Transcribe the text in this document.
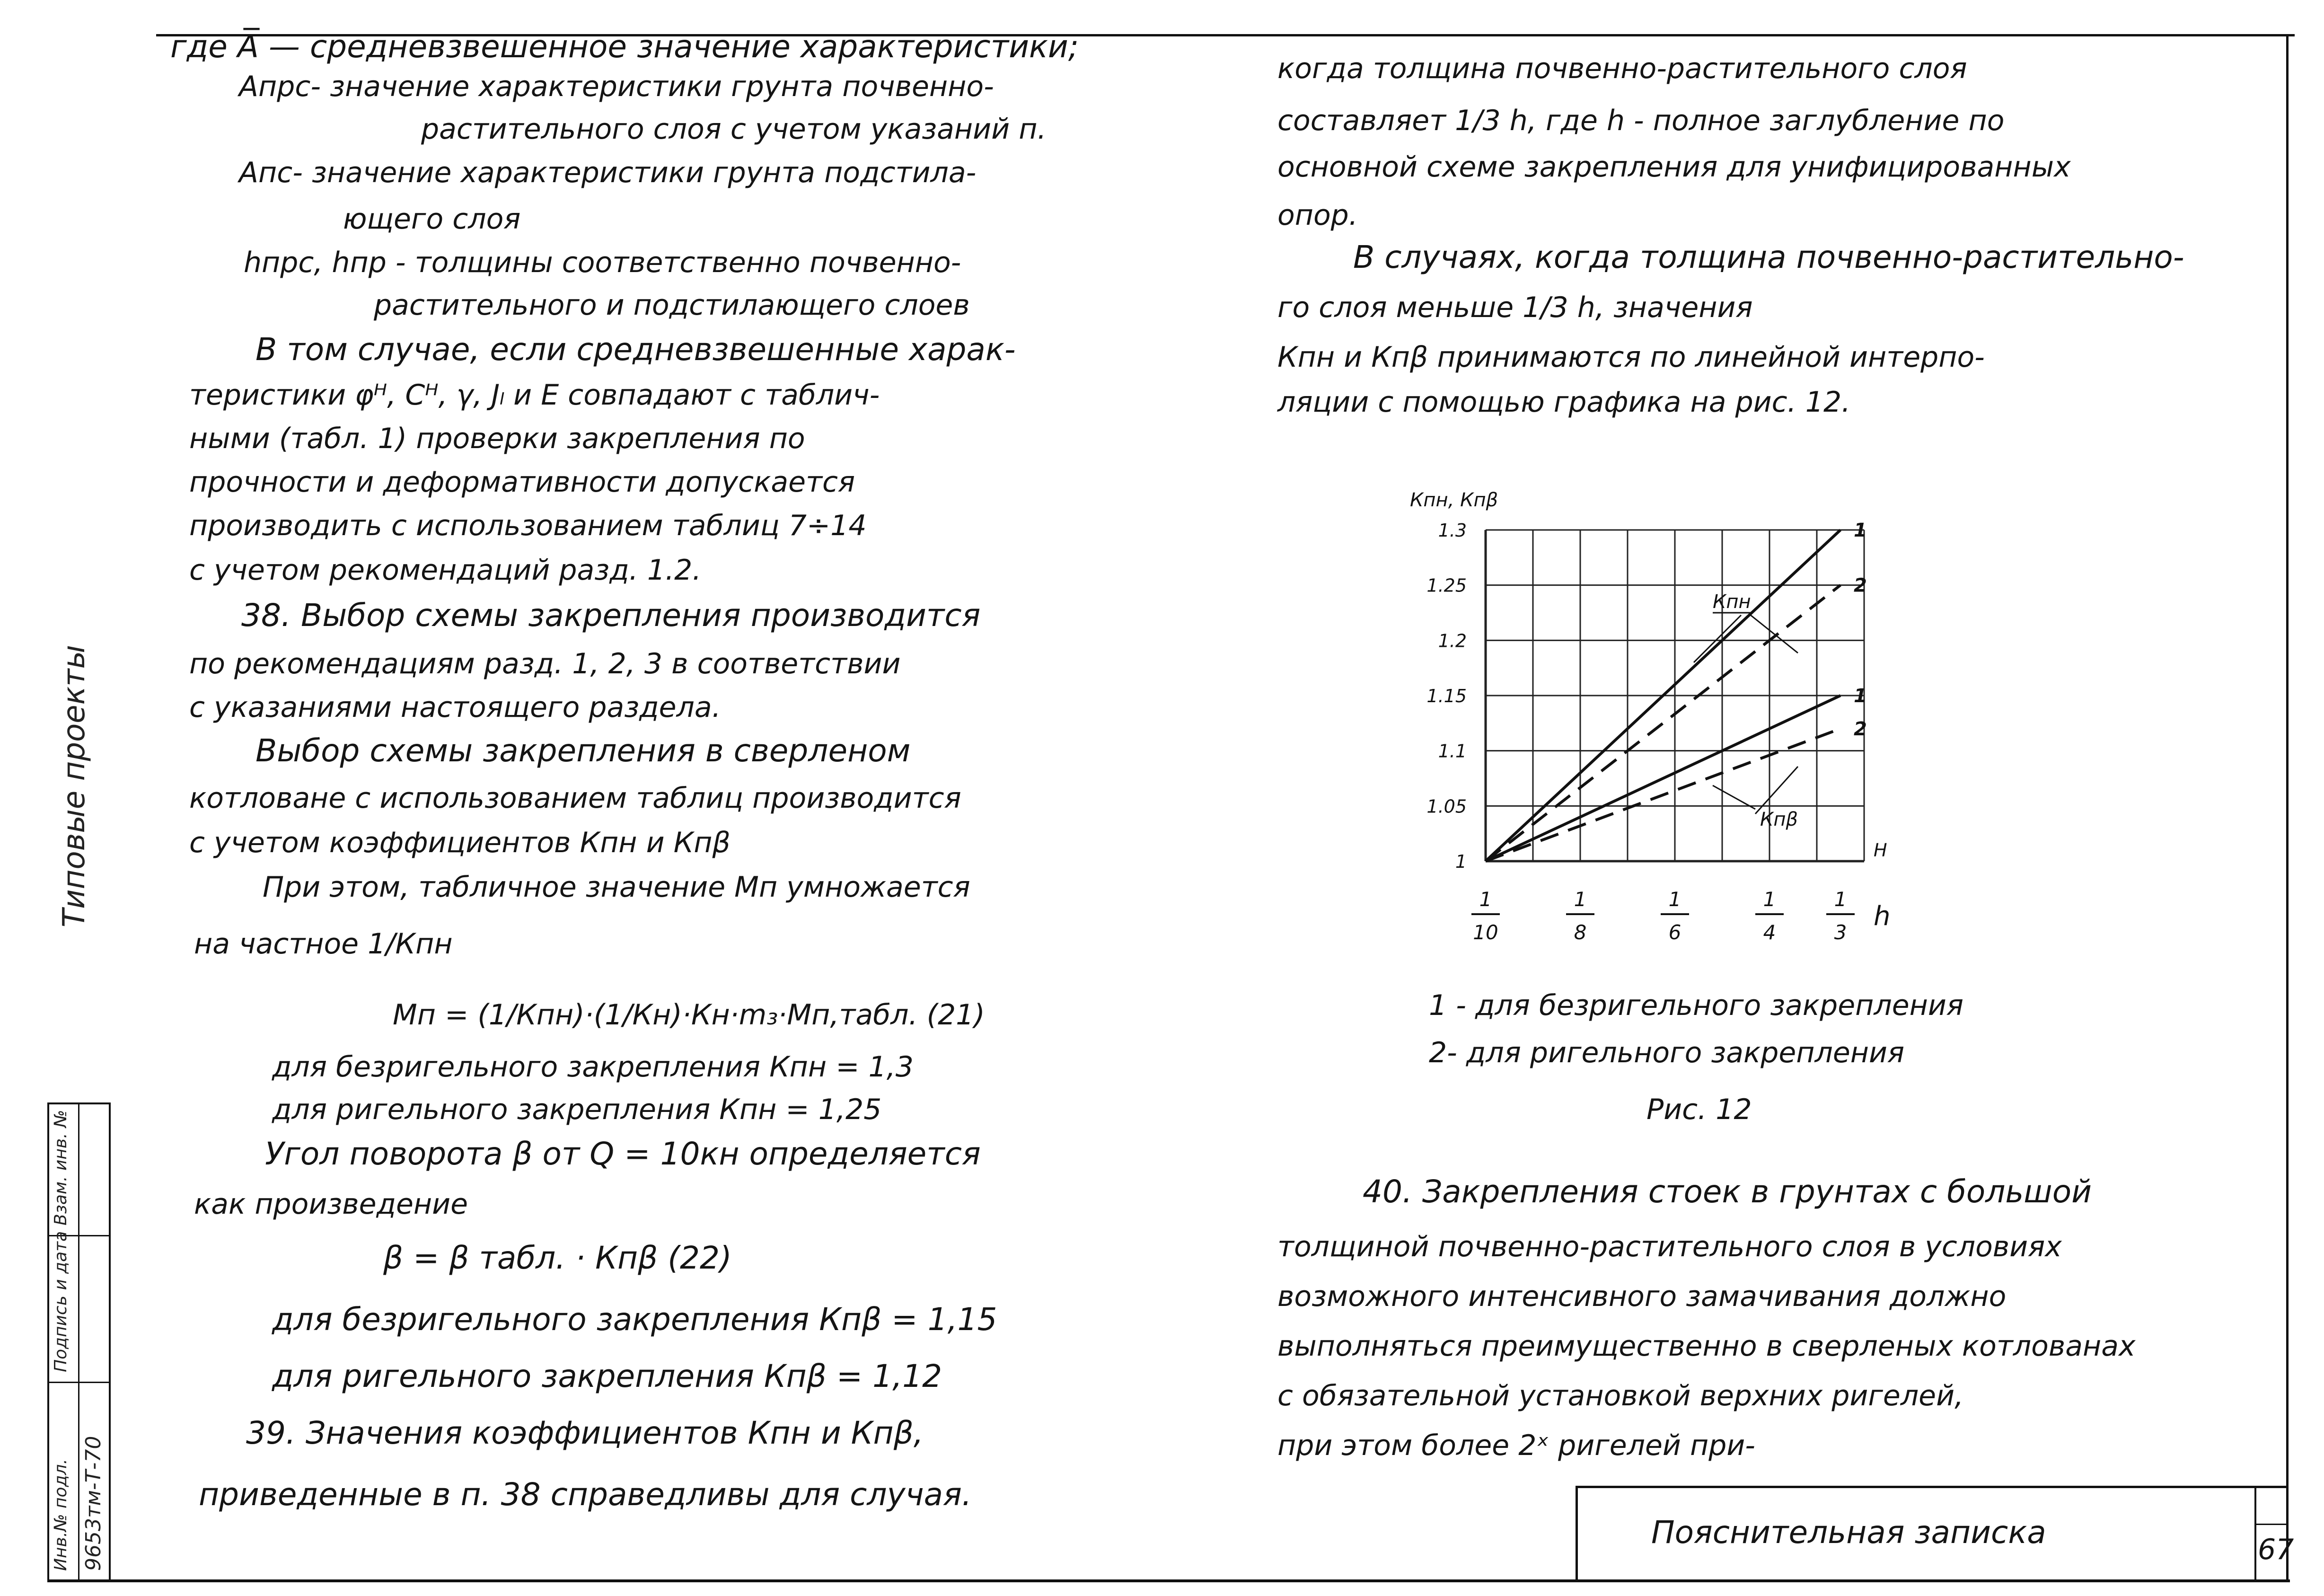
Типовые проекты
Инв.№ подл.
Подпись и дата
Взам. инв. №
9653тм-Т-70
где A̅ — средневзвешенное значение характеристики;
Апрс- значение характеристики грунта почвенно-
растительного слоя с учетом указаний п.
Апс- значение характеристики грунта подстила-
ющего слоя
hпрс, hпр - толщины соответственно почвенно-
растительного и подстилающего слоев
В том случае, если средневзвешенные харак-
теристики φᴴ, Cᴴ, γ, Jₗ и E совпадают с таблич-
ными (табл. 1) проверки закрепления по
прочности и деформативности допускается
производить с использованием таблиц 7÷14
с учетом рекомендаций разд. 1.2.
38. Выбор схемы закрепления производится
по рекомендациям разд. 1, 2, 3 в соответствии
с указаниями настоящего раздела.
Выбор схемы закрепления в сверленом
котловане с использованием таблиц производится
с учетом коэффициентов Кпн и Кпβ
При этом, табличное значение Мп умножается
на частное 1/Кпн
Мп = (1/Кпн)·(1/Кн)·Кн·m₃·Мп,табл. (21)
для безригельного закрепления Кпн = 1,3
для ригельного закрепления Кпн = 1,25
Угол поворота β от Q = 10кн определяется
как произведение
β = β табл. · Кпβ (22)
для безригельного закрепления Кпβ = 1,15
для ригельного закрепления Кпβ = 1,12
39. Значения коэффициентов Кпн и Кпβ,
приведенные в п. 38 справедливы для случая.
когда толщина почвенно-растительного слоя
составляет 1/3 h, где h - полное заглубление по
основной схеме закрепления для унифицированных
опор.
В случаях, когда толщина почвенно-растительно-
го слоя меньше 1/3 h, значения
Кпн и Кпβ принимаются по линейной интерпо-
ляции с помощью графика на рис. 12.
1 - для безригельного закрепления
2- для ригельного закрепления
Рис. 12
40. Закрепления стоек в грунтах с большой
толщиной почвенно-растительного слоя в условиях
возможного интенсивного замачивания должно
выполняться преимущественно в сверленых котлованах
с обязательной установкой верхних ригелей,
при этом более 2ˣ ригелей при-
1
1.05
1.1
1.15
1.2
1.25
1.3
Кпн, Кпβ
1
10
1
8
1
6
1
4
1
3
h
Н
1
2
1
2
Кпн
Кпβ
Пояснительная записка	67
